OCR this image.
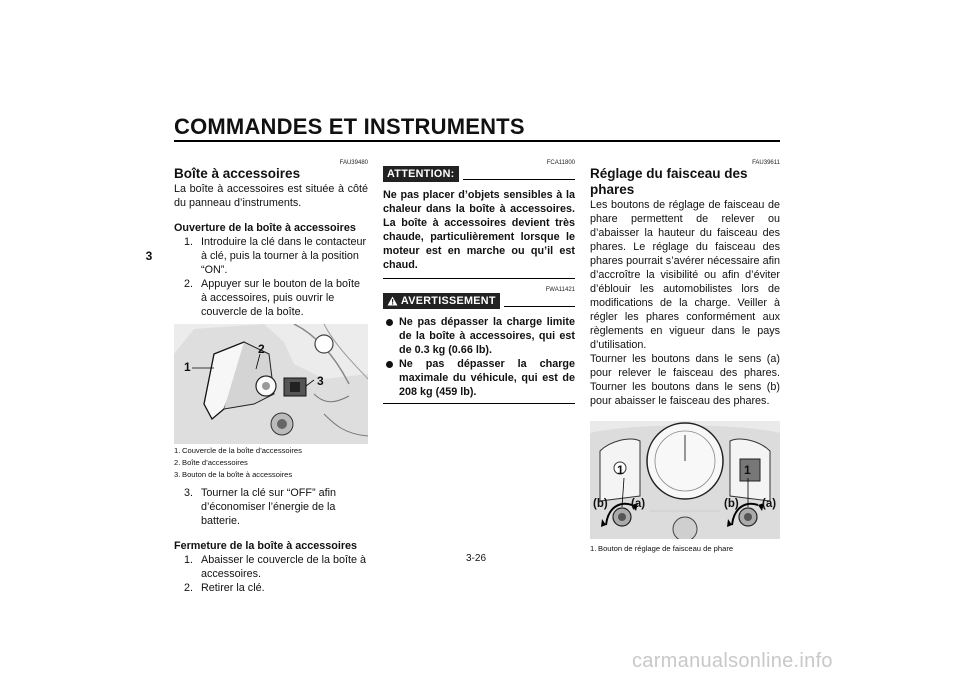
COMMANDES ET INSTRUMENTS
3
FAU39480
Boîte à accessoires

La boîte à accessoires est située à côté du panneau d’instruments.

Ouverture de la boîte à accessoires

1. Introduire la clé dans le contacteur à clé, puis la tourner à la position “ON”.
2. Appuyer sur le bouton de la boîte à accessoires, puis ouvrir le couvercle de la boîte.
1
2
3
1. Couvercle de la boîte d’accessoires
2. Boîte d’accessoires
3. Bouton de la boîte à accessoires
3. Tourner la clé sur “OFF” afin d’économiser l’énergie de la batterie.

Fermeture de la boîte à accessoires

1. Abaisser le couvercle de la boîte à accessoires.
2. Retirer la clé.
FCA11800
ATTENTION:

Ne pas placer d’objets sensibles à la chaleur dans la boîte à accessoires. La boîte à accessoires devient très chaude, particulièrement lorsque le moteur est en marche ou qu’il est chaud.

FWA11421
AVERTISSEMENT
Ne pas dépasser la charge limite de la boîte à accessoires, qui est de 0.3 kg (0.66 lb).
Ne pas dépasser la charge maximale du véhicule, qui est de 208 kg (459 lb).
FAU39611
Réglage du faisceau des phares

Les boutons de réglage de faisceau de phare permettent de relever ou d’abaisser la hauteur du faisceau des phares. Le réglage du faisceau des phares pourrait s’avérer nécessaire afin d’accroître la visibilité ou afin d’éviter d’éblouir les automobilistes lors de modifications de la charge. Veiller à régler les phares conformément aux règlements en vigueur dans le pays d’utilisation.

Tourner les boutons dans le sens (a) pour relever le faisceau des phares. Tourner les boutons dans le sens (b) pour abaisser le faisceau des phares.

1	1
(b) (a)	(b) (a)
1. Bouton de réglage de faisceau de phare
3-26
carmanualsonline.info
